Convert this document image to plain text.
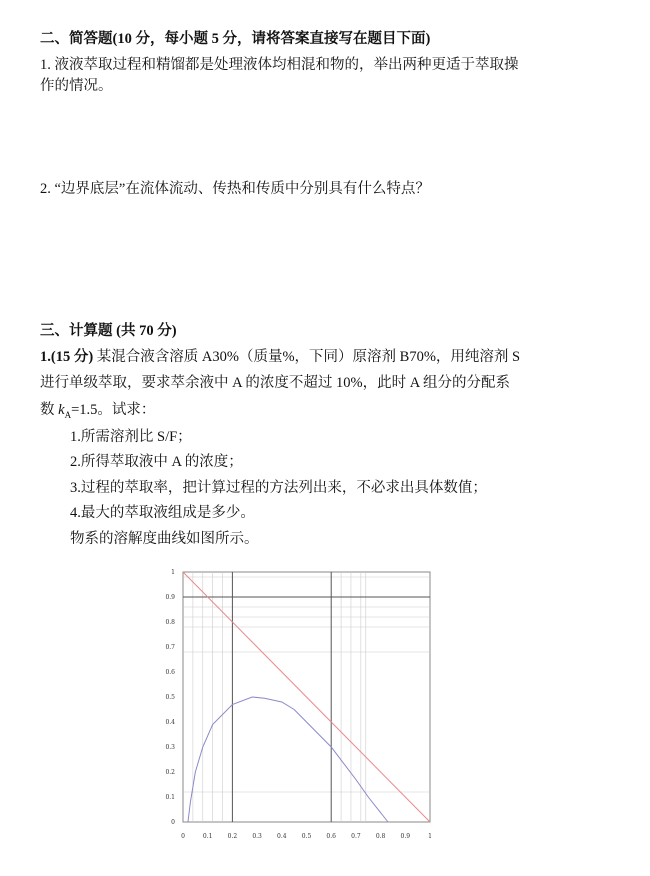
二、简答题(10 分，每小题 5 分，请将答案直接写在题目下面)
1. 液液萃取过程和精馏都是处理液体均相混和物的，举出两种更适于萃取操
作的情况。
2. “边界底层”在流体流动、传热和传质中分别具有什么特点？
三、计算题 (共 70 分)
1.(15 分) 某混合液含溶质 A30%（质量%，下同）原溶剂 B70%，用纯溶剂 S
进行单级萃取，要求萃余液中 A 的浓度不超过 10%，此时 A 组分的分配系
数 $k_A=1.5$。试求：
1.所需溶剂比 S/F；
2.所得萃取液中 A 的浓度；
3.过程的萃取率，把计算过程的方法列出来，不必求出具体数值；
4.最大的萃取液组成是多少。
物系的溶解度曲线如图所示。
0	0.1	0.2	0.3	0.4	0.5	0.6	0.7	0.8	0.9	1
0
0.1
0.2
0.3
0.4
0.5
0.6
0.7
0.8
0.9
1
